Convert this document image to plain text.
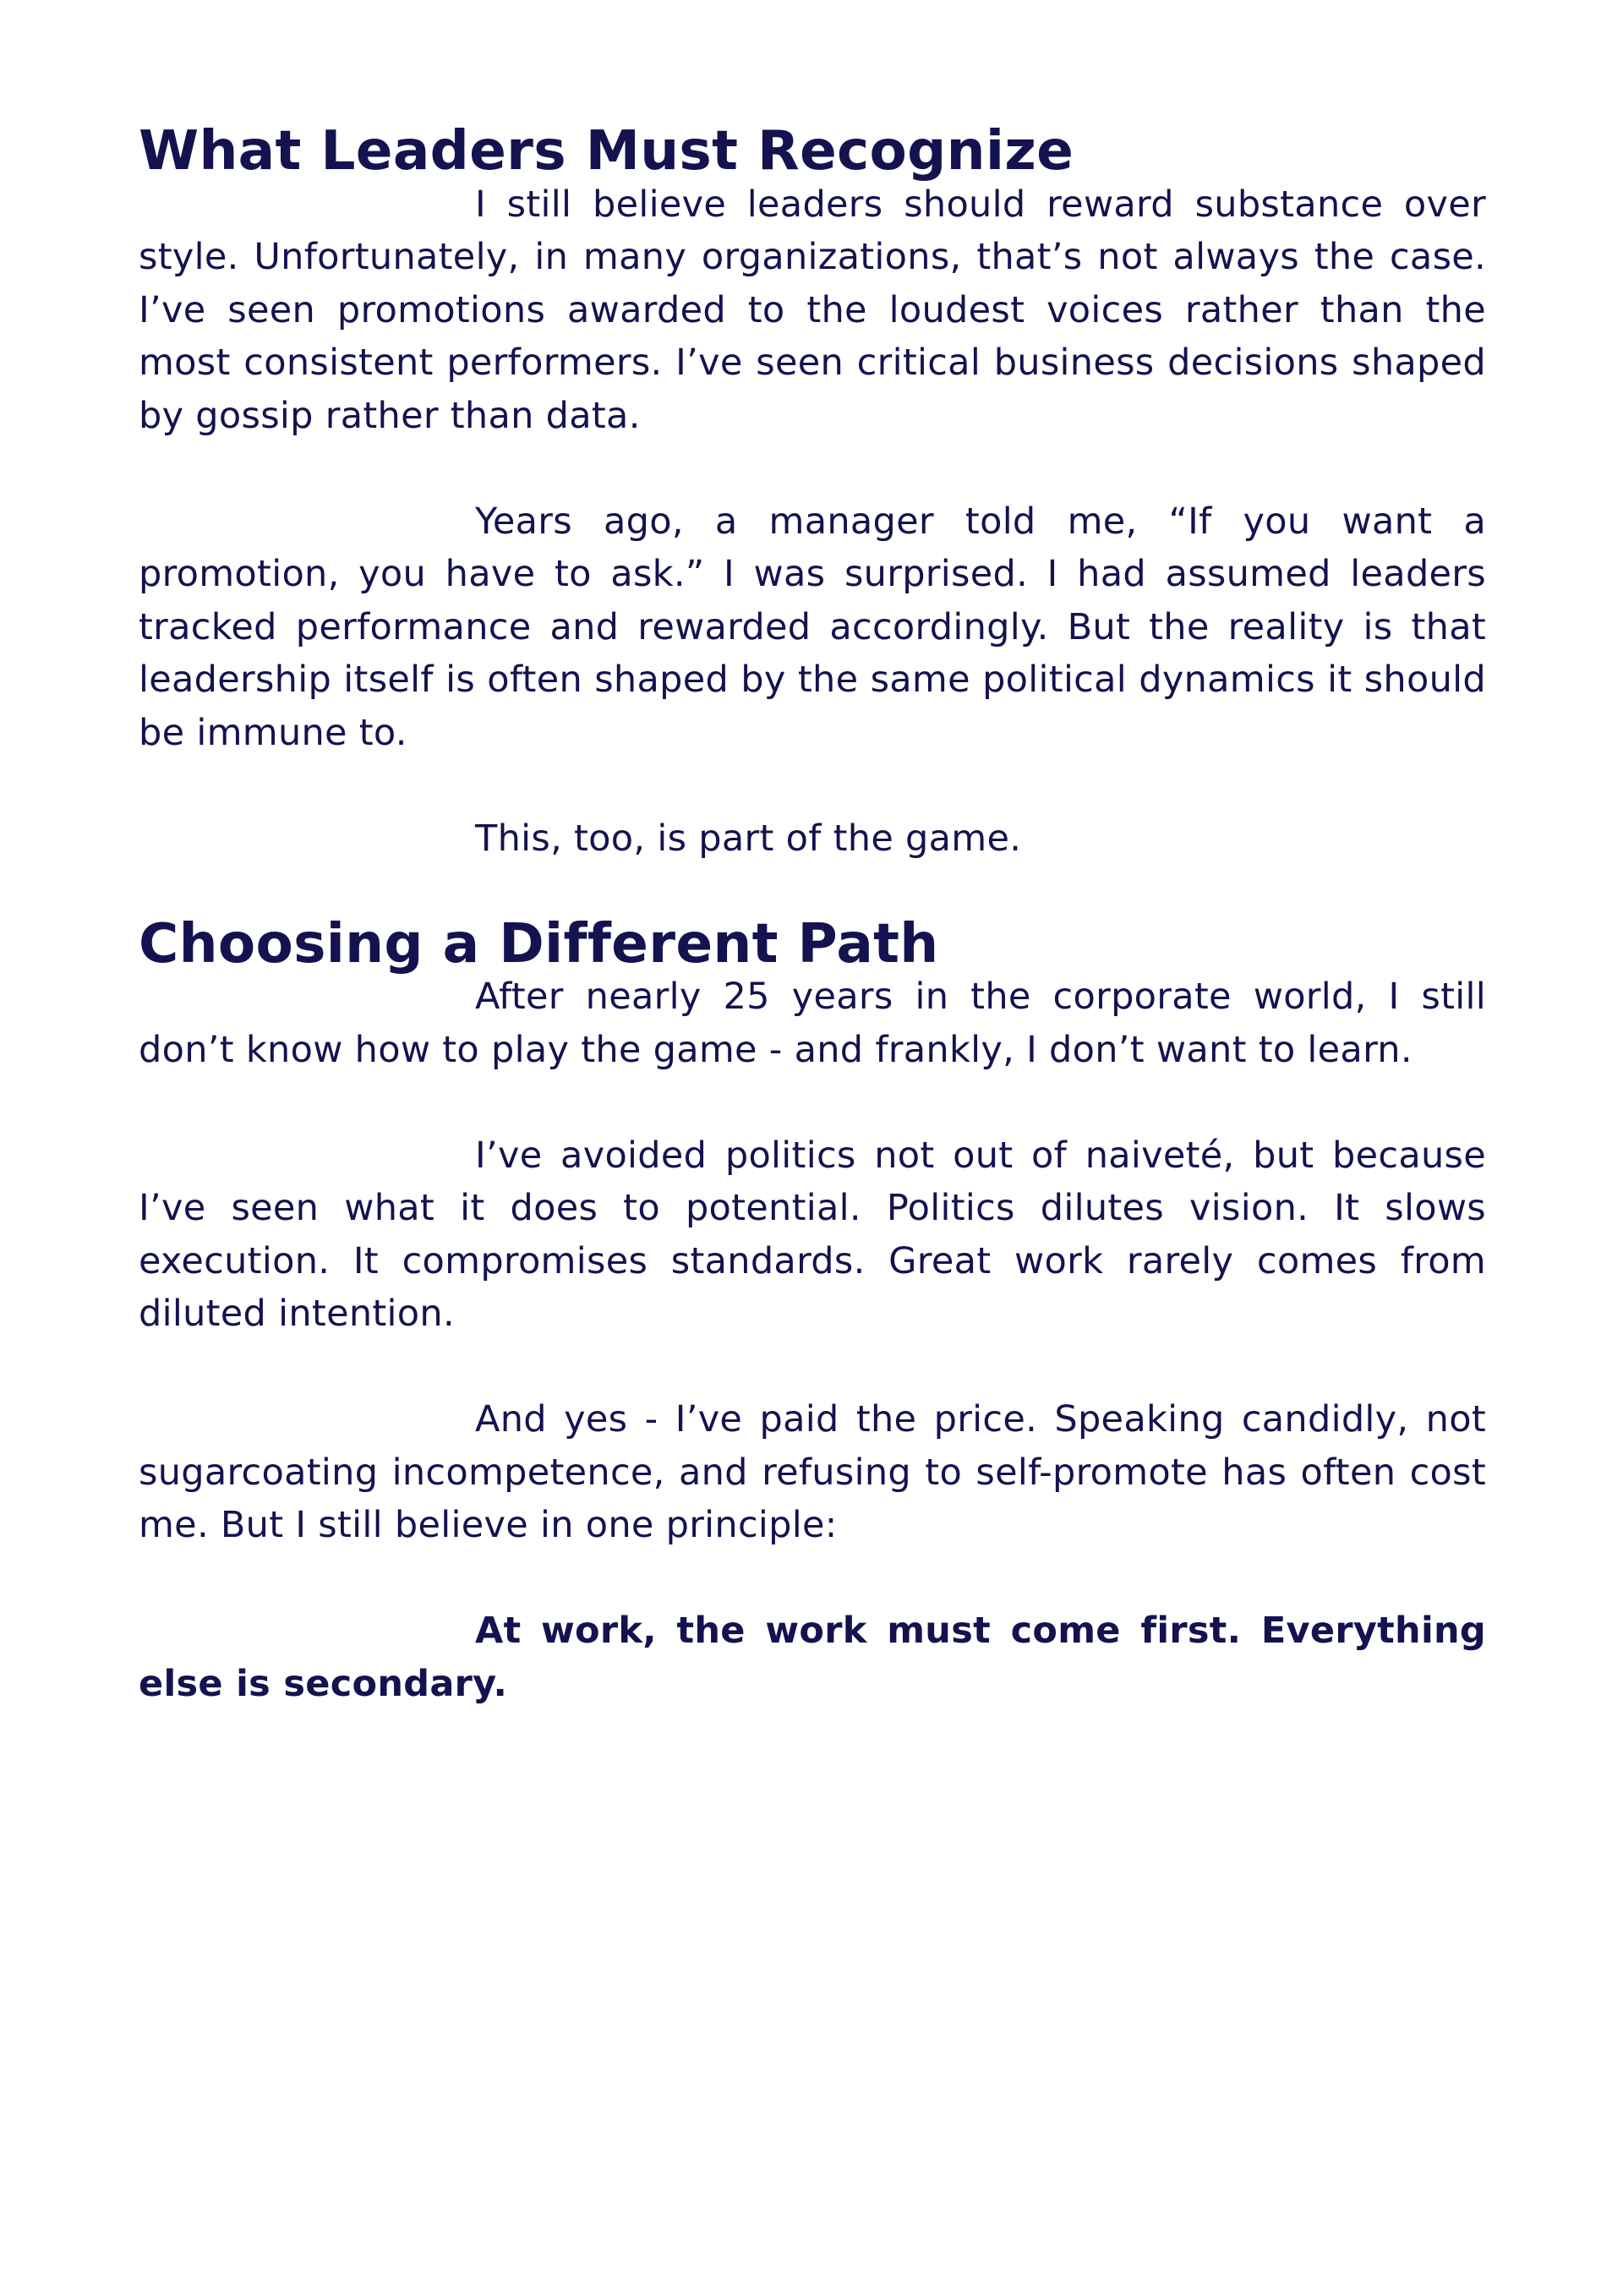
What Leaders Must Recognize

I still believe leaders should reward substance over style. Unfortunately, in many organizations, that’s not always the case. I’ve seen promotions awarded to the loudest voices rather than the most consistent performers. I’ve seen critical business decisions shaped by gossip rather than data.

Years ago, a manager told me, “If you want a promotion, you have to ask.” I was surprised. I had assumed leaders tracked performance and rewarded accordingly. But the reality is that leadership itself is often shaped by the same political dynamics it should be immune to.

This, too, is part of the game.

Choosing a Different Path

After nearly 25 years in the corporate world, I still don’t know how to play the game - and frankly, I don’t want to learn.

I’ve avoided politics not out of naiveté, but because I’ve seen what it does to potential. Politics dilutes vision. It slows execution. It compromises standards. Great work rarely comes from diluted intention.

And yes - I’ve paid the price. Speaking candidly, not sugarcoating incompetence, and refusing to self-promote has often cost me. But I still believe in one principle:

At work, the work must come first. Everything else is secondary.
